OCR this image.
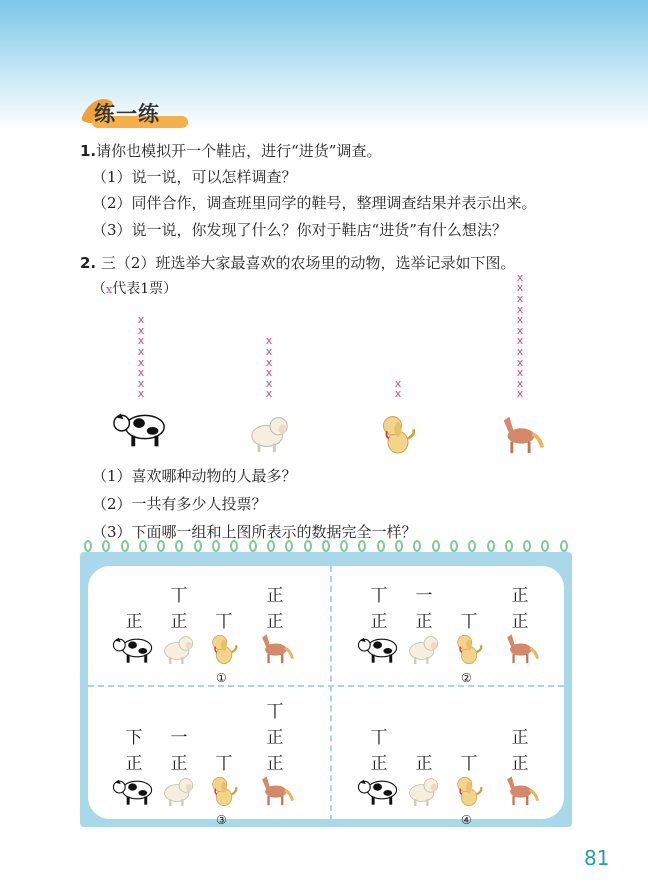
练一练
1.请你也模拟开一个鞋店，进行“进货”调查。
（1）说一说，可以怎样调查？
（2）同伴合作，调查班里同学的鞋号，整理调查结果并表示出来。
（3）说一说，你发现了什么？你对于鞋店“进货”有什么想法？
2. 三（2）班选举大家最喜欢的农场里的动物，选举记录如下图。
（x代表1票）
x
x
x
x
x
x
x
x
x
x
x
x
x
x
x
x
x
x
x
x
x
x
x
x
x
x
x
x
（1）喜欢哪种动物的人最多？
（2）一共有多少人投票？
（3）下面哪一组和上图所表示的数据完全一样？
正 正
丅
丅 正
正
①
正
丅
正
一
丅 正
正
②
正
下
正
一
丅 正
正
丅
③
正
丅
正 丅 正
正
④
81
